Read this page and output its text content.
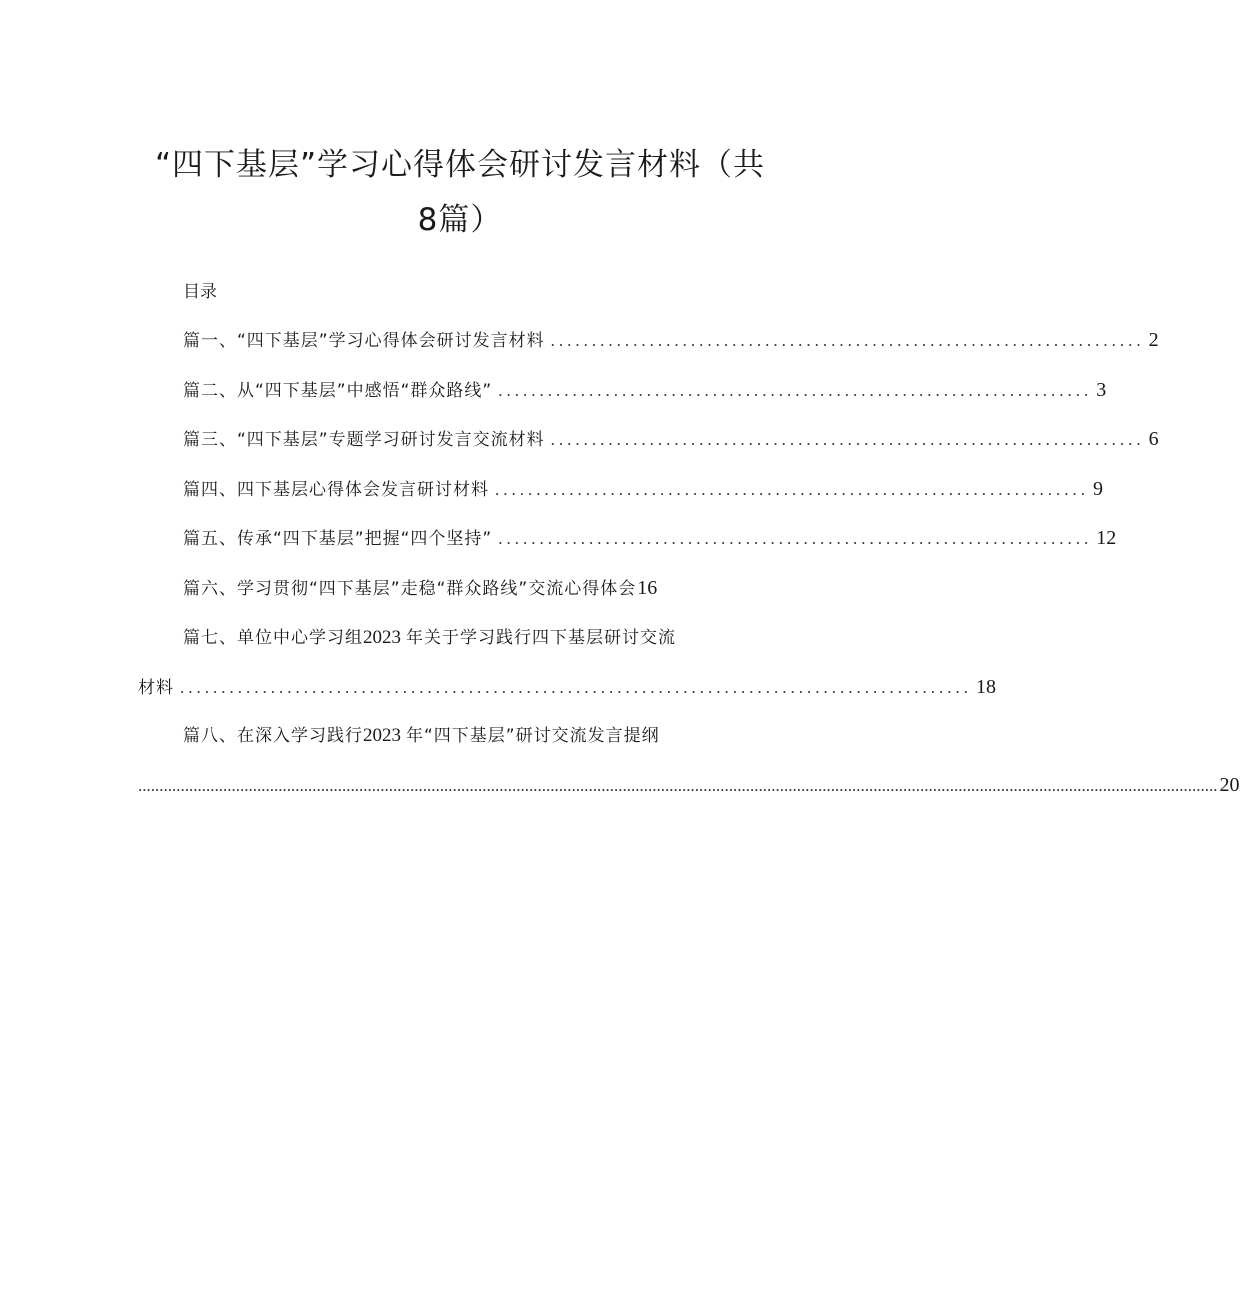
“四下基层”学习心得体会研讨发言材料（共
8篇）
目录
篇一、“四下基层”学习心得体会研讨发言材料 ........................................................................ 2
篇二、从“四下基层”中感悟“群众路线” ........................................................................ 3
篇三、“四下基层”专题学习研讨发言交流材料 ........................................................................ 6
篇四、四下基层心得体会发言研讨材料 ........................................................................ 9
篇五、传承“四下基层”把握“四个坚持” ........................................................................ 12
篇六、学习贯彻“四下基层”走稳“群众路线”交流心得体会 16
篇七、单位中心学习组2023 年关于学习践行四下基层研讨交流
材料 ................................................................................................ 18
篇八、在深入学习践行2023 年“四下基层”研讨交流发言提纲
.............................................................................................................................................................................................................................................................. 20
